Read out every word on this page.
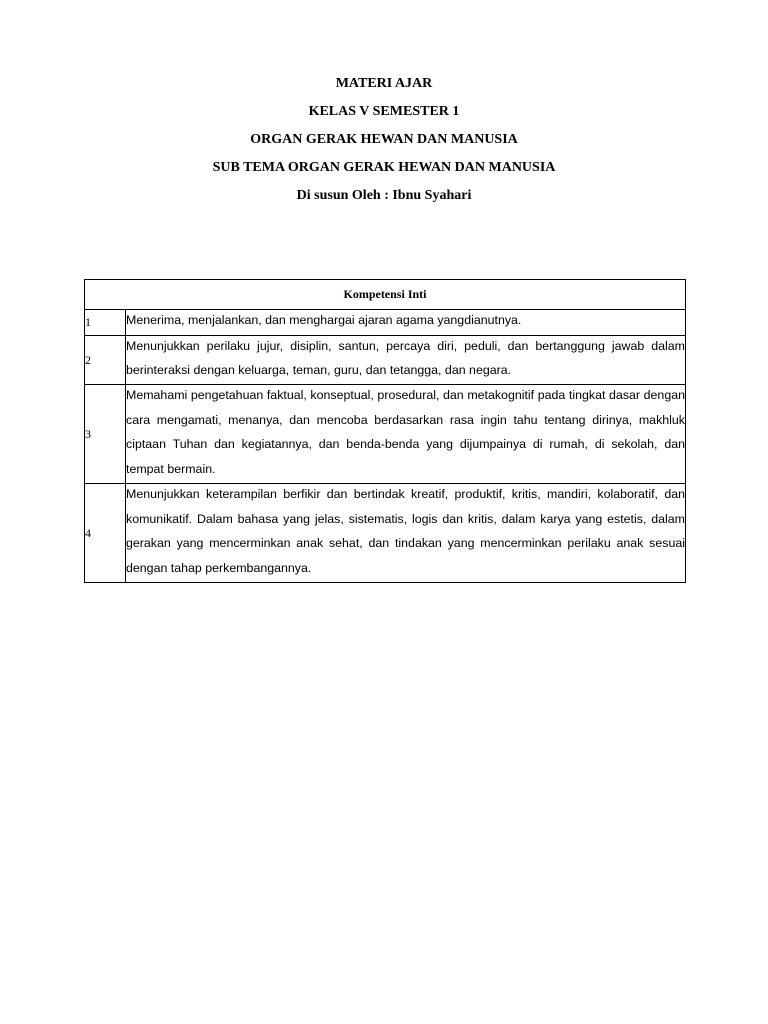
MATERI AJAR
KELAS V SEMESTER 1
ORGAN GERAK HEWAN DAN MANUSIA
SUB TEMA ORGAN GERAK HEWAN DAN MANUSIA
Di susun Oleh : Ibnu Syahari
Kompetensi Inti	
1	Menerima, menjalankan, dan menghargai ajaran agama yangdianutnya.

2	Menunjukkan perilaku jujur, disiplin, santun, percaya diri, peduli, dan bertanggung jawab dalam berinteraksi dengan keluarga, teman, guru, dan tetangga, dan negara.

3	Memahami pengetahuan faktual, konseptual, prosedural, dan metakognitif pada tingkat dasar dengan cara mengamati, menanya, dan mencoba berdasarkan rasa ingin tahu tentang dirinya, makhluk ciptaan Tuhan dan kegiatannya, dan benda-benda yang dijumpainya di rumah, di sekolah, dan tempat bermain.

4	Menunjukkan keterampilan berfikir dan bertindak kreatif, produktif, kritis, mandiri, kolaboratif, dan komunikatif. Dalam bahasa yang jelas, sistematis, logis dan kritis, dalam karya yang estetis, dalam gerakan yang mencerminkan anak sehat, dan tindakan yang mencerminkan perilaku anak sesuai dengan tahap perkembangannya.
